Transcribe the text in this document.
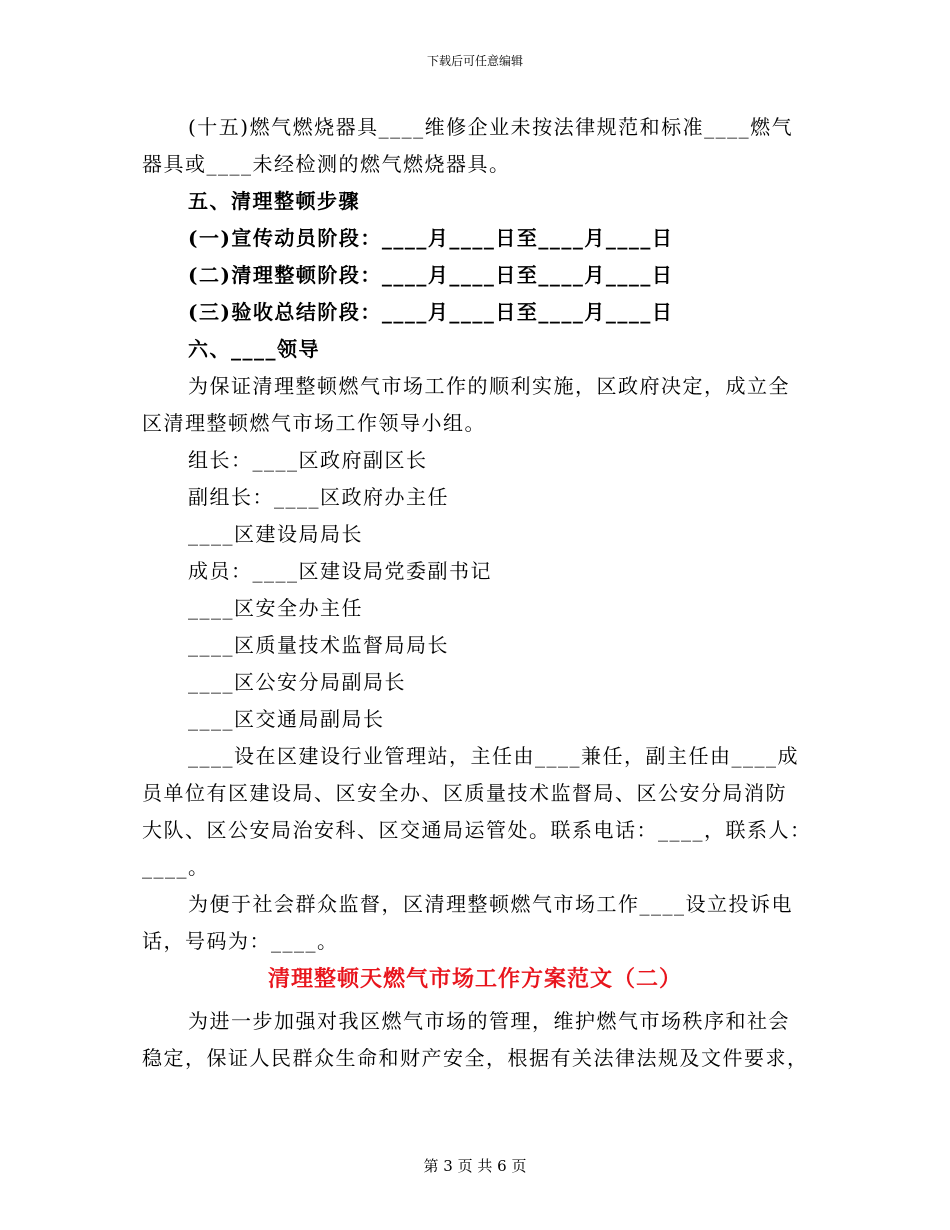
下载后可任意编辑
(十五)燃气燃烧器具____维修企业未按法律规范和标准____燃气
器具或____未经检测的燃气燃烧器具。
五、清理整顿步骤
(一)宣传动员阶段：____月____日至____月____日
(二)清理整顿阶段：____月____日至____月____日
(三)验收总结阶段：____月____日至____月____日
六、____领导
为保证清理整顿燃气市场工作的顺利实施，区政府决定，成立全
区清理整顿燃气市场工作领导小组。
组长：____区政府副区长
副组长：____区政府办主任
____区建设局局长
成员：____区建设局党委副书记
____区安全办主任
____区质量技术监督局局长
____区公安分局副局长
____区交通局副局长
____设在区建设行业管理站，主任由____兼任，副主任由____成
员单位有区建设局、区安全办、区质量技术监督局、区公安分局消防
大队、区公安局治安科、区交通局运管处。联系电话：____，联系人：
____。
为便于社会群众监督，区清理整顿燃气市场工作____设立投诉电
话，号码为：____。
清理整顿天燃气市场工作方案范文（二）
为进一步加强对我区燃气市场的管理，维护燃气市场秩序和社会
稳定，保证人民群众生命和财产安全，根据有关法律法规及文件要求，
第 3 页 共 6 页
